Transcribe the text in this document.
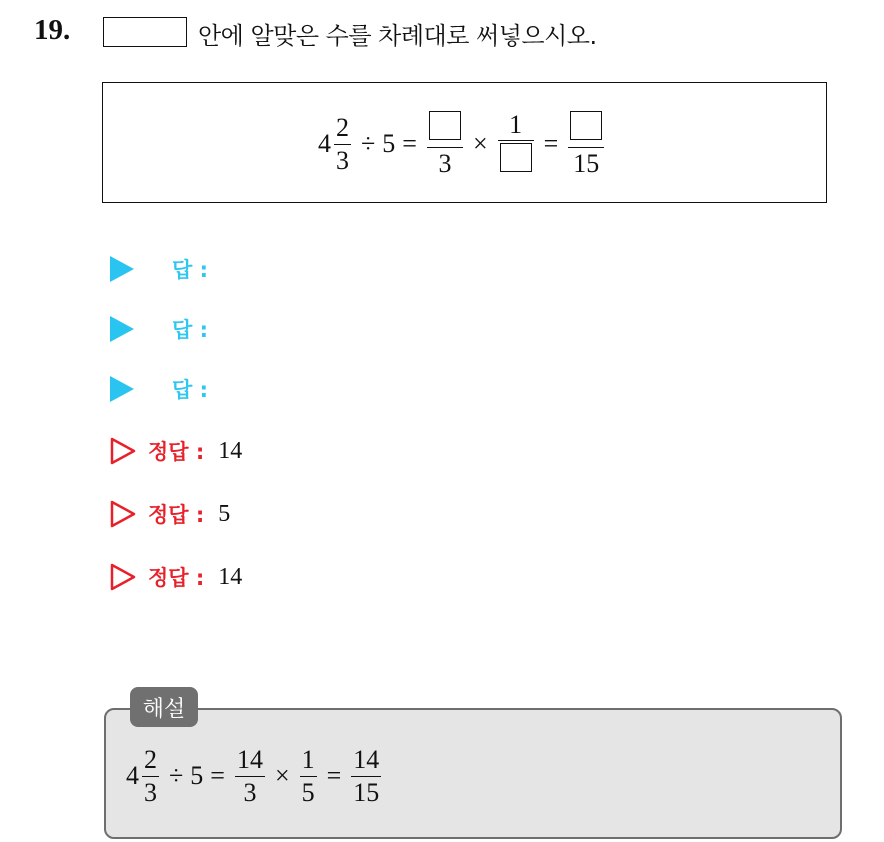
19.	안에 알맞은 수를 차례대로 써넣으시오.
$4 \frac{2}{3} \div 5$ =
3
×
1
=
15
답 :
답 :
답 :
정답 : 14
정답 : 5
정답 : 14
해설
$4 \frac{2}{3} \div 5 = \frac{14}{3} \times \frac{1}{5} = \frac{14}{15}$
